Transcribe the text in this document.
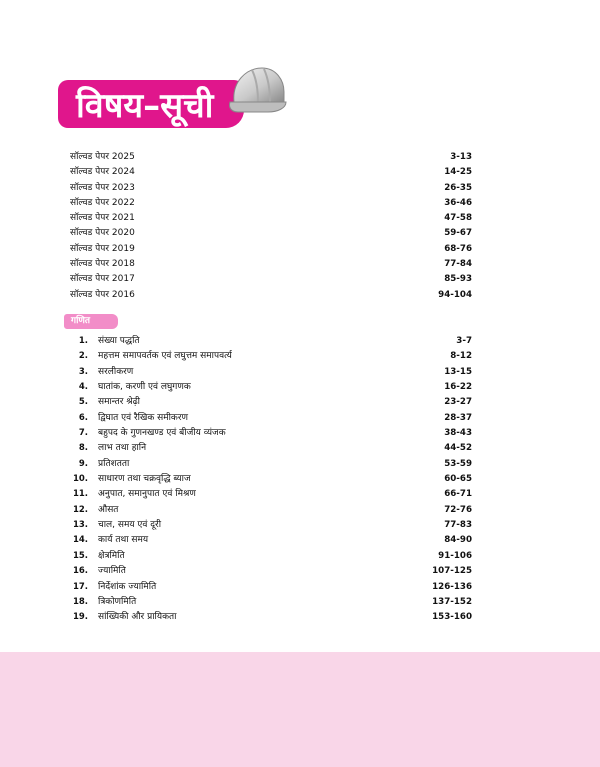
विषय–सूची
सॉल्वड पेपर 2025	3-13
सॉल्वड पेपर 2024	14-25
सॉल्वड पेपर 2023	26-35
सॉल्वड पेपर 2022	36-46
सॉल्वड पेपर 2021	47-58
सॉल्वड पेपर 2020	59-67
सॉल्वड पेपर 2019	68-76
सॉल्वड पेपर 2018	77-84
सॉल्वड पेपर 2017	85-93
सॉल्वड पेपर 2016	94-104
गणित
1. संख्या पद्धति	3-7
2. महत्तम समापवर्तक एवं लघुत्तम समापवर्त्य	8-12
3. सरलीकरण	13-15
4. घातांक, करणी एवं लघुगणक	16-22
5. समान्तर श्रेढ़ी	23-27
6. द्विघात एवं रैखिक समीकरण	28-37
7. बहुपद के गुणनखण्ड एवं बीजीय व्यंजक	38-43
8. लाभ तथा हानि	44-52
9. प्रतिशतता	53-59
10. साधारण तथा चक्रवृद्धि ब्याज	60-65
11. अनुपात, समानुपात एवं मिश्रण	66-71
12. औसत	72-76
13. चाल, समय एवं दूरी	77-83
14. कार्य तथा समय	84-90
15. क्षेत्रमिति	91-106
16. ज्यामिति	107-125
17. निर्देशांक ज्यामिति	126-136
18. त्रिकोणमिति	137-152
19. सांख्यिकी और प्रायिकता	153-160
